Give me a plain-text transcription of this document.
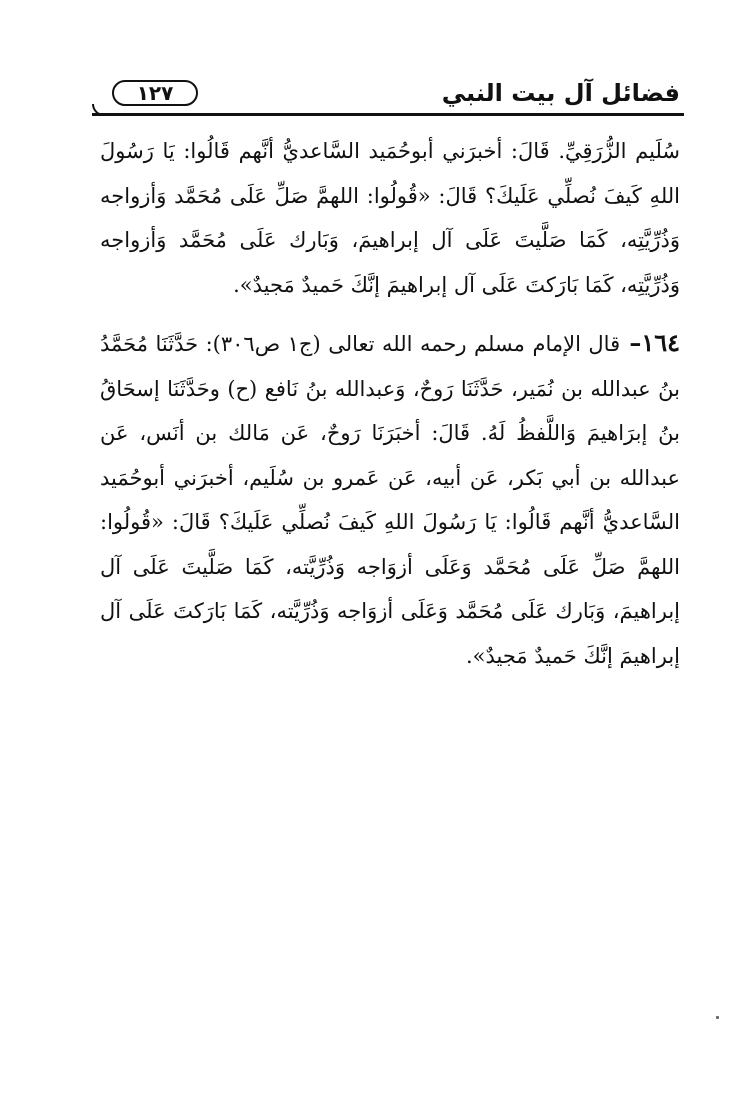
فضائل آل بيت النبي
١٢٧

سُلَيم الزُّرَقِيِّ. قَالَ: أخبرَني أبوحُمَيد السَّاعديُّ أنَّهم قَالُوا: يَا رَسُولَ اللهِ كَيفَ نُصلِّي عَلَيكَ؟ قَالَ: «قُولُوا: اللهمَّ صَلِّ عَلَى مُحَمَّد وَأزواجه وَذُرِّيَّتِه، كَمَا صَلَّيتَ عَلَى آل إبراهيمَ، وَبَارك عَلَى مُحَمَّد وَأزواجه وَذُرِّيَّتِه، كَمَا بَارَكتَ عَلَى آل إبراهيمَ إنَّكَ حَميدٌ مَجيدٌ».

١٦٤– قال الإمام مسلم رحمه الله تعالى (ج١ ص٣٠٦): حَدَّثَنَا مُحَمَّدُ بنُ عبدالله بن نُمَير، حَدَّثَنَا رَوحٌ، وَعبدالله بنُ نَافع (ح) وحَدَّثَنَا إسحَاقُ بنُ إبرَاهيمَ وَاللَّفظُ لَهُ. قَالَ: أخبَرَنَا رَوحٌ، عَن مَالك بن أنَس، عَن عبدالله بن أبي بَكر، عَن أبيه، عَن عَمرو بن سُلَيم، أخبرَني أبوحُمَيد السَّاعديُّ أنَّهم قَالُوا: يَا رَسُولَ اللهِ كَيفَ نُصلِّي عَلَيكَ؟ قَالَ: «قُولُوا: اللهمَّ صَلِّ عَلَى مُحَمَّد وَعَلَى أزوَاجه وَذُرِّيَّته، كَمَا صَلَّيتَ عَلَى آل إبراهيمَ، وَبَارك عَلَى مُحَمَّد وَعَلَى أزوَاجه وَذُرِّيَّته، كَمَا بَارَكتَ عَلَى آل إبراهيمَ إنَّكَ حَميدٌ مَجيدٌ».
